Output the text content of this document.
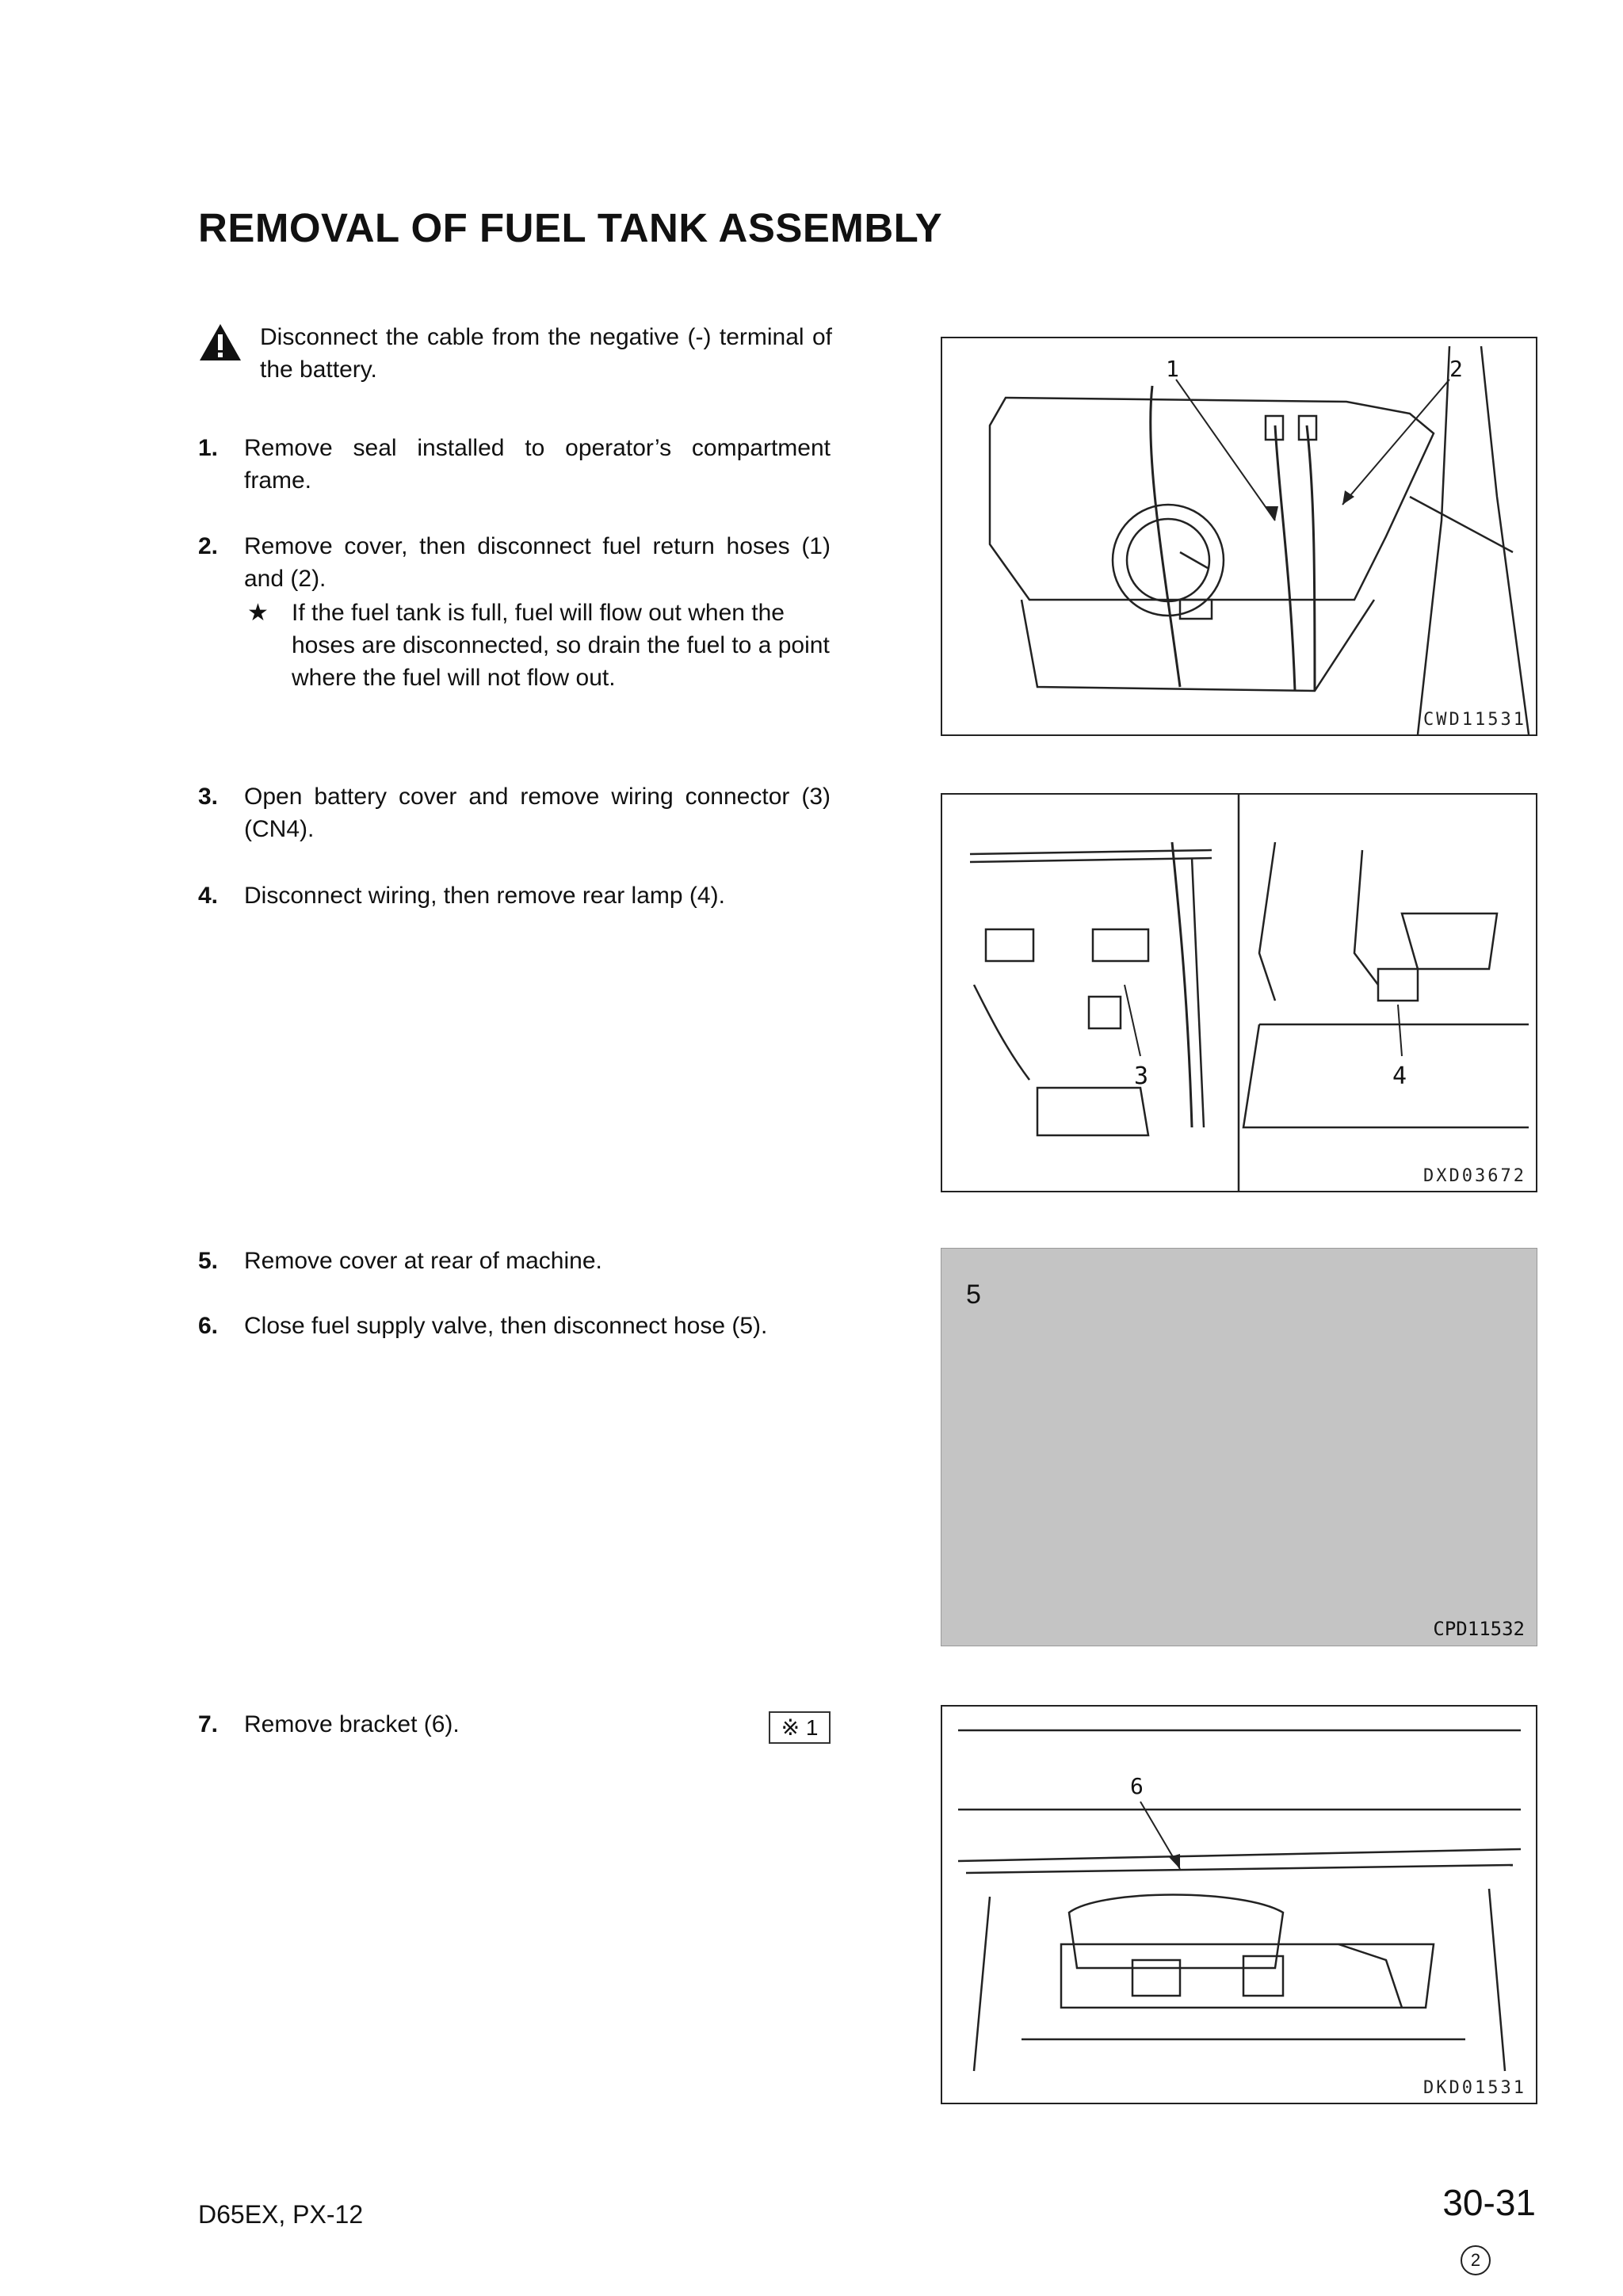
REMOVAL OF FUEL TANK ASSEMBLY
Disconnect the cable from the negative (-) terminal of the battery.
1. Remove seal installed to operator’s compartment frame.
2. Remove cover, then disconnect fuel return hoses (1) and (2).
★ If the fuel tank is full, fuel will flow out when the hoses are disconnected, so drain the fuel to a point where the fuel will not flow out.
3. Open battery cover and remove wiring connector (3) (CN4).
4. Disconnect wiring, then remove rear lamp (4).
5. Remove cover at rear of machine.
6. Close fuel supply valve, then disconnect hose (5).
7. Remove bracket (6).	※ 1
1	2
CWD11531
3	4
DXD03672
5
CPD11532
6
DKD01531
D65EX, PX-12	30-31
2
